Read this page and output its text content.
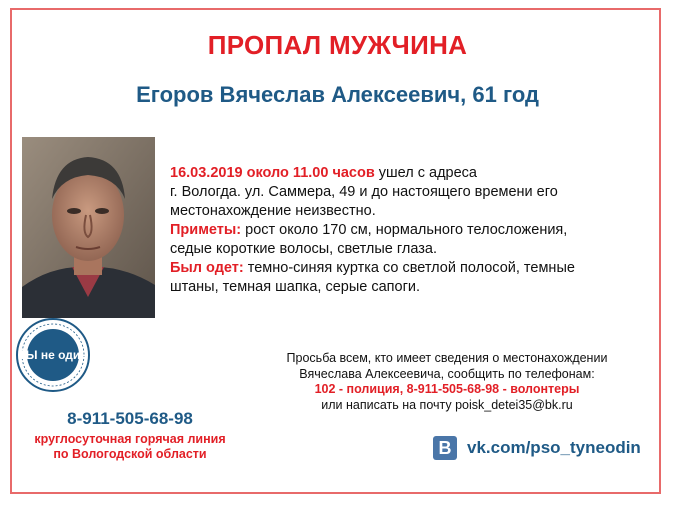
ПРОПАЛ МУЖЧИНА
Егоров Вячеслав Алексеевич, 61 год
ТЫ не один
16.03.2019 около 11.00 часов ушел с адреса
г. Вологда. ул. Саммера, 49 и до настоящего времени его
местонахождение неизвестно.
Приметы: рост около 170 см, нормального телосложения,
седые короткие волосы, светлые глаза.
Был одет: темно-синяя куртка со светлой полосой, темные
штаны, темная шапка, серые сапоги.
Просьба всем, кто имеет сведения о местонахождении
Вячеслава Алексеевича, сообщить по телефонам:
102 - полиция, 8-911-505-68-98 - волонтеры
или написать на почту poisk_detei35@bk.ru
8-911-505-68-98
круглосуточная горячая линия
по Вологодской области	В vk.com/pso_tyneodin
